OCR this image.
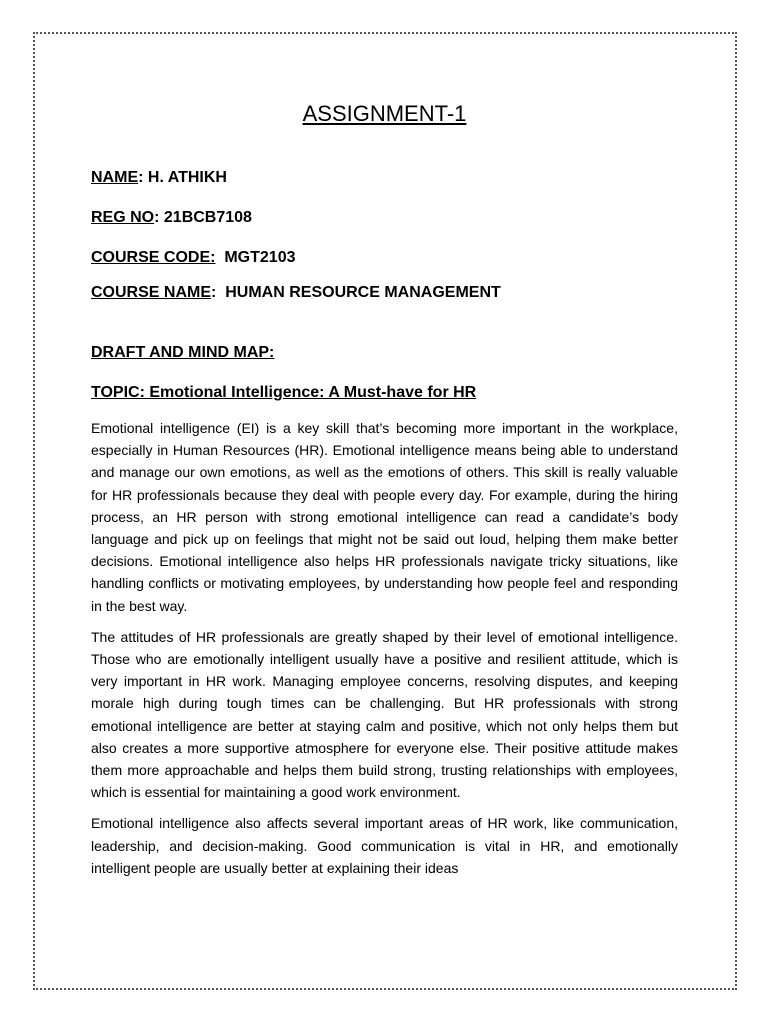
ASSIGNMENT-1

NAME: H. ATHIKH

REG NO: 21BCB7108

COURSE CODE:  MGT2103

COURSE NAME:  HUMAN RESOURCE MANAGEMENT

DRAFT AND MIND MAP:

TOPIC: Emotional Intelligence: A Must-have for HR

Emotional intelligence (EI) is a key skill that’s becoming more important in the workplace, especially in Human Resources (HR). Emotional intelligence means being able to understand and manage our own emotions, as well as the emotions of others. This skill is really valuable for HR professionals because they deal with people every day. For example, during the hiring process, an HR person with strong emotional intelligence can read a candidate’s body language and pick up on feelings that might not be said out loud, helping them make better decisions. Emotional intelligence also helps HR professionals navigate tricky situations, like handling conflicts or motivating employees, by understanding how people feel and responding in the best way.

The attitudes of HR professionals are greatly shaped by their level of emotional intelligence. Those who are emotionally intelligent usually have a positive and resilient attitude, which is very important in HR work. Managing employee concerns, resolving disputes, and keeping morale high during tough times can be challenging. But HR professionals with strong emotional intelligence are better at staying calm and positive, which not only helps them but also creates a more supportive atmosphere for everyone else. Their positive attitude makes them more approachable and helps them build strong, trusting relationships with employees, which is essential for maintaining a good work environment.

Emotional intelligence also affects several important areas of HR work, like communication, leadership, and decision-making. Good communication is vital in HR, and emotionally intelligent people are usually better at explaining their ideas
